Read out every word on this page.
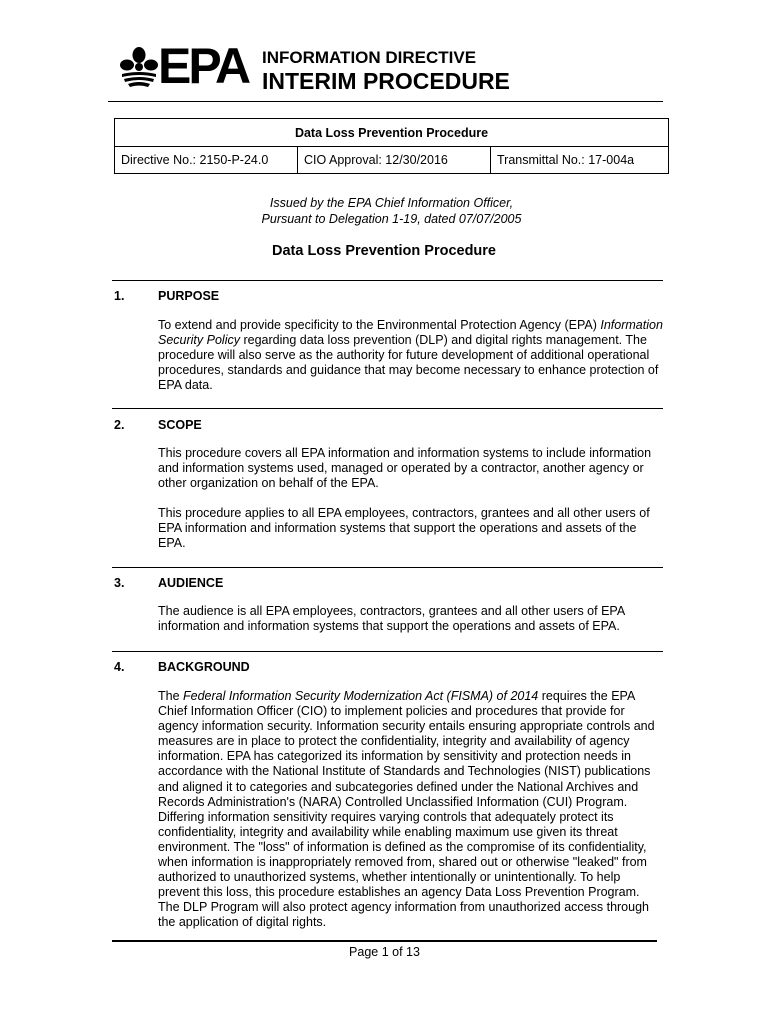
EPA INFORMATION DIRECTIVE
INTERIM PROCEDURE
Data Loss Prevention Procedure
Directive No.: 2150-P-24.0	CIO Approval: 12/30/2016	Transmittal No.: 17-004a
Issued by the EPA Chief Information Officer,
Pursuant to Delegation 1-19, dated 07/07/2005
Data Loss Prevention Procedure
1.	PURPOSE

To extend and provide specificity to the Environmental Protection Agency (EPA) Information Security Policy regarding data loss prevention (DLP) and digital rights management. The procedure will also serve as the authority for future development of additional operational procedures, standards and guidance that may become necessary to enhance protection of EPA data.

2.	SCOPE

This procedure covers all EPA information and information systems to include information and information systems used, managed or operated by a contractor, another agency or other organization on behalf of the EPA.

This procedure applies to all EPA employees, contractors, grantees and all other users of EPA information and information systems that support the operations and assets of the EPA.

3.	AUDIENCE

The audience is all EPA employees, contractors, grantees and all other users of EPA information and information systems that support the operations and assets of EPA.

4.	BACKGROUND

The Federal Information Security Modernization Act (FISMA) of 2014 requires the EPA Chief Information Officer (CIO) to implement policies and procedures that provide for agency information security. Information security entails ensuring appropriate controls and measures are in place to protect the confidentiality, integrity and availability of agency information. EPA has categorized its information by sensitivity and protection needs in accordance with the National Institute of Standards and Technologies (NIST) publications and aligned it to categories and subcategories defined under the National Archives and Records Administration's (NARA) Controlled Unclassified Information (CUI) Program. Differing information sensitivity requires varying controls that adequately protect its confidentiality, integrity and availability while enabling maximum use given its threat environment. The "loss" of information is defined as the compromise of its confidentiality, when information is inappropriately removed from, shared out or otherwise "leaked" from authorized to unauthorized systems, whether intentionally or unintentionally. To help prevent this loss, this procedure establishes an agency Data Loss Prevention Program. The DLP Program will also protect agency information from unauthorized access through the application of digital rights.

Page 1 of 13
